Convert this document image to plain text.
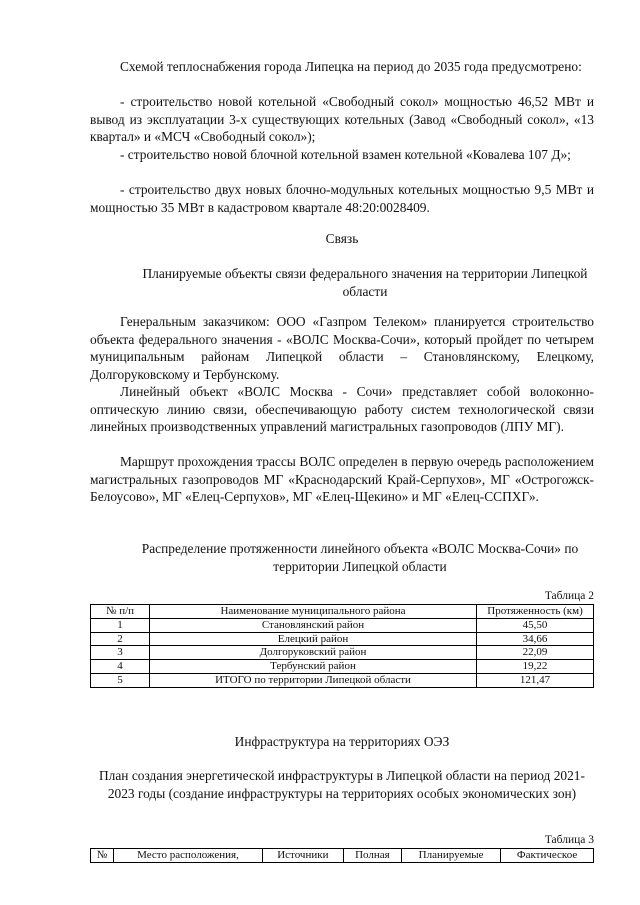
Схемой теплоснабжения города Липецка на период до 2035 года предусмотрено:

- строительство новой котельной «Свободный сокол» мощностью 46,52 МВт и вывод из эксплуатации 3-х существующих котельных (Завод «Свободный сокол», «13 квартал» и «МСЧ «Свободный сокол»);

- строительство новой блочной котельной взамен котельной «Ковалева 107 Д»;

- строительство двух новых блочно-модульных котельных мощностью 9,5 МВт и мощностью 35 МВт в кадастровом квартале 48:20:0028409.

Связь

Планируемые объекты связи федерального значения на территории Липецкой области

Генеральным заказчиком: ООО «Газпром Телеком» планируется строительство объекта федерального значения - «ВОЛС Москва-Сочи», который пройдет по четырем муниципальным районам Липецкой области – Становлянскому, Елецкому, Долгоруковскому и Тербунскому.

Линейный объект «ВОЛС Москва - Сочи» представляет собой волоконно-оптическую линию связи, обеспечивающую работу систем технологической связи линейных производственных управлений магистральных газопроводов (ЛПУ МГ).

Маршрут прохождения трассы ВОЛС определен в первую очередь расположением магистральных газопроводов МГ «Краснодарский Край-Серпухов», МГ «Острогожск-Белоусово», МГ «Елец-Серпухов», МГ «Елец-Щекино» и МГ «Елец-ССПХГ».

Распределение протяженности линейного объекта «ВОЛС Москва-Сочи» по территории Липецкой области

Таблица 2
№ п/п	Наименование муниципального района	Протяженность (км)
1	Становлянский район	45,50
2	Елецкий район	34,66
3	Долгоруковский район	22,09
4	Тербунский район	19,22
5	ИТОГО по территории Липецкой области	121,47

Инфраструктура на территориях ОЭЗ

План создания энергетической инфраструктуры в Липецкой области на период 2021- 2023 годы (создание инфраструктуры на территориях особых экономических зон)

Таблица 3
№	Место расположения,	Источники	Полная	Планируемые	Фактическое
